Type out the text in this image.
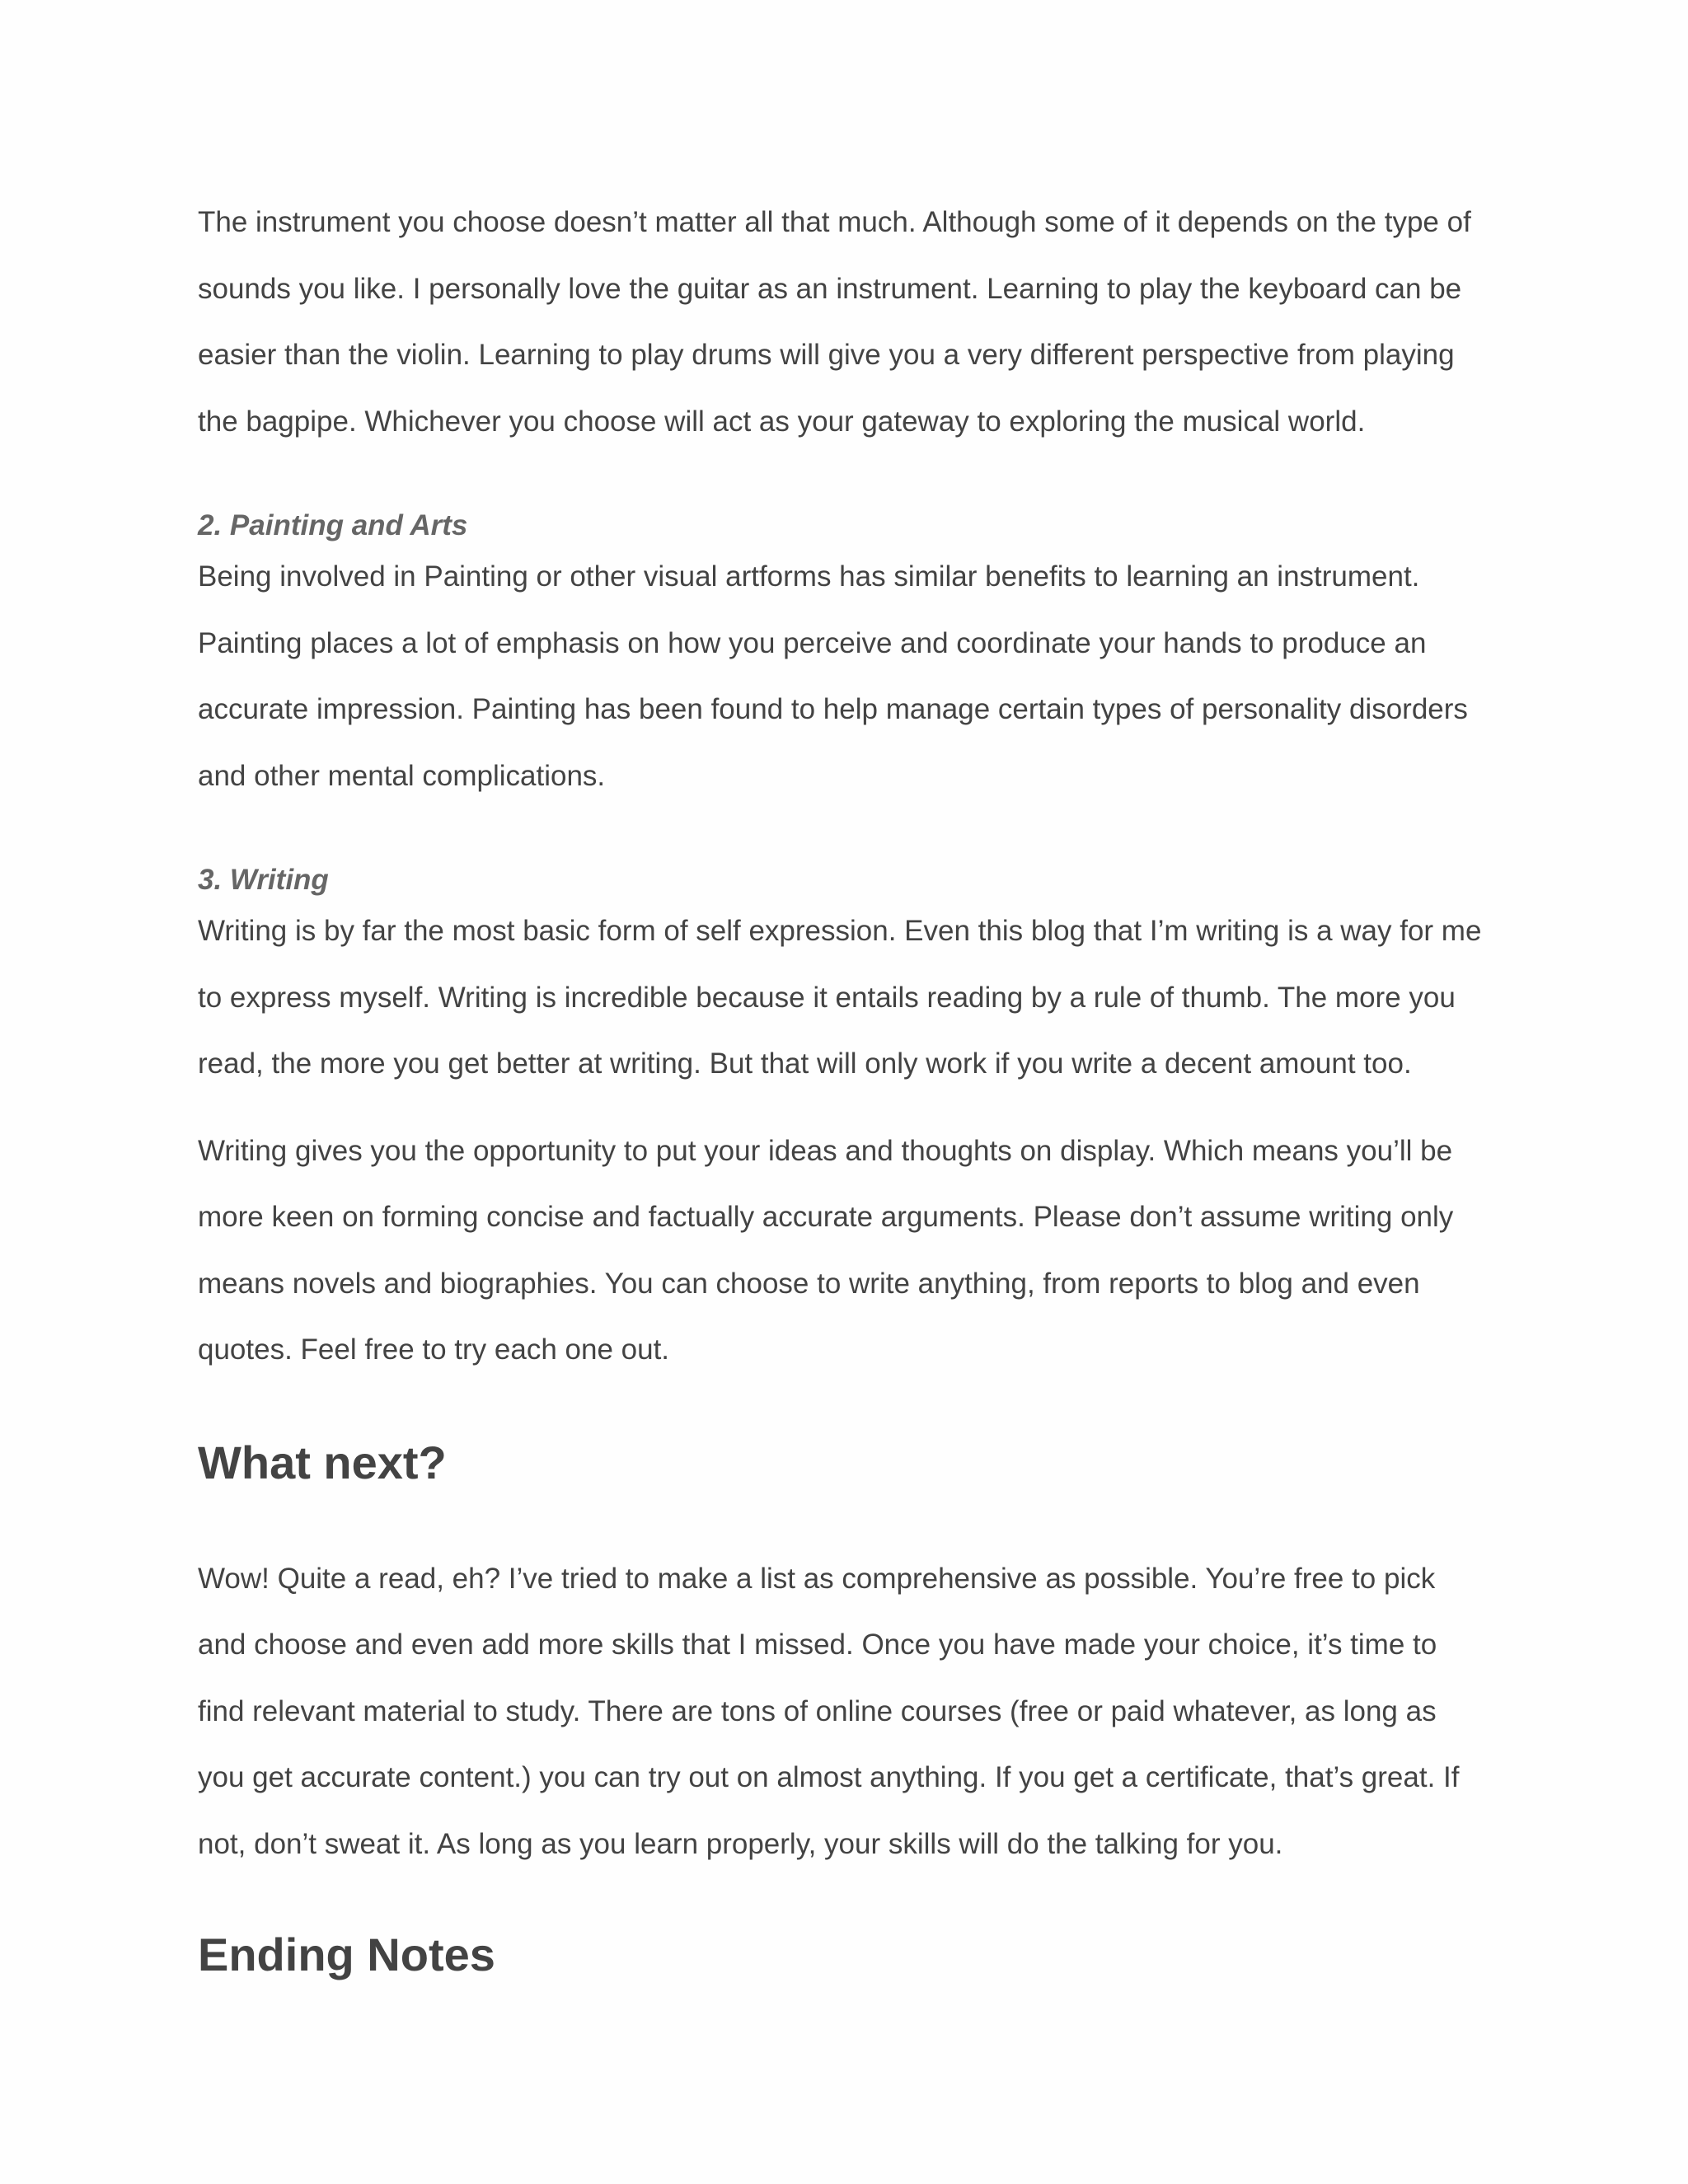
The instrument you choose doesn’t matter all that much. Although some of it depends on the type of
sounds you like. I personally love the guitar as an instrument. Learning to play the keyboard can be
easier than the violin. Learning to play drums will give you a very different perspective from playing
the bagpipe. Whichever you choose will act as your gateway to exploring the musical world.

2. Painting and Arts

Being involved in Painting or other visual artforms has similar benefits to learning an instrument.
Painting places a lot of emphasis on how you perceive and coordinate your hands to produce an
accurate impression. Painting has been found to help manage certain types of personality disorders
and other mental complications.

3. Writing

Writing is by far the most basic form of self expression. Even this blog that I’m writing is a way for me
to express myself. Writing is incredible because it entails reading by a rule of thumb. The more you
read, the more you get better at writing. But that will only work if you write a decent amount too.

Writing gives you the opportunity to put your ideas and thoughts on display. Which means you’ll be
more keen on forming concise and factually accurate arguments. Please don’t assume writing only
means novels and biographies. You can choose to write anything, from reports to blog and even
quotes. Feel free to try each one out.

What next?

Wow! Quite a read, eh? I’ve tried to make a list as comprehensive as possible. You’re free to pick
and choose and even add more skills that I missed. Once you have made your choice, it’s time to
find relevant material to study. There are tons of online courses (free or paid whatever, as long as
you get accurate content.) you can try out on almost anything. If you get a certificate, that’s great. If
not, don’t sweat it. As long as you learn properly, your skills will do the talking for you.

Ending Notes
